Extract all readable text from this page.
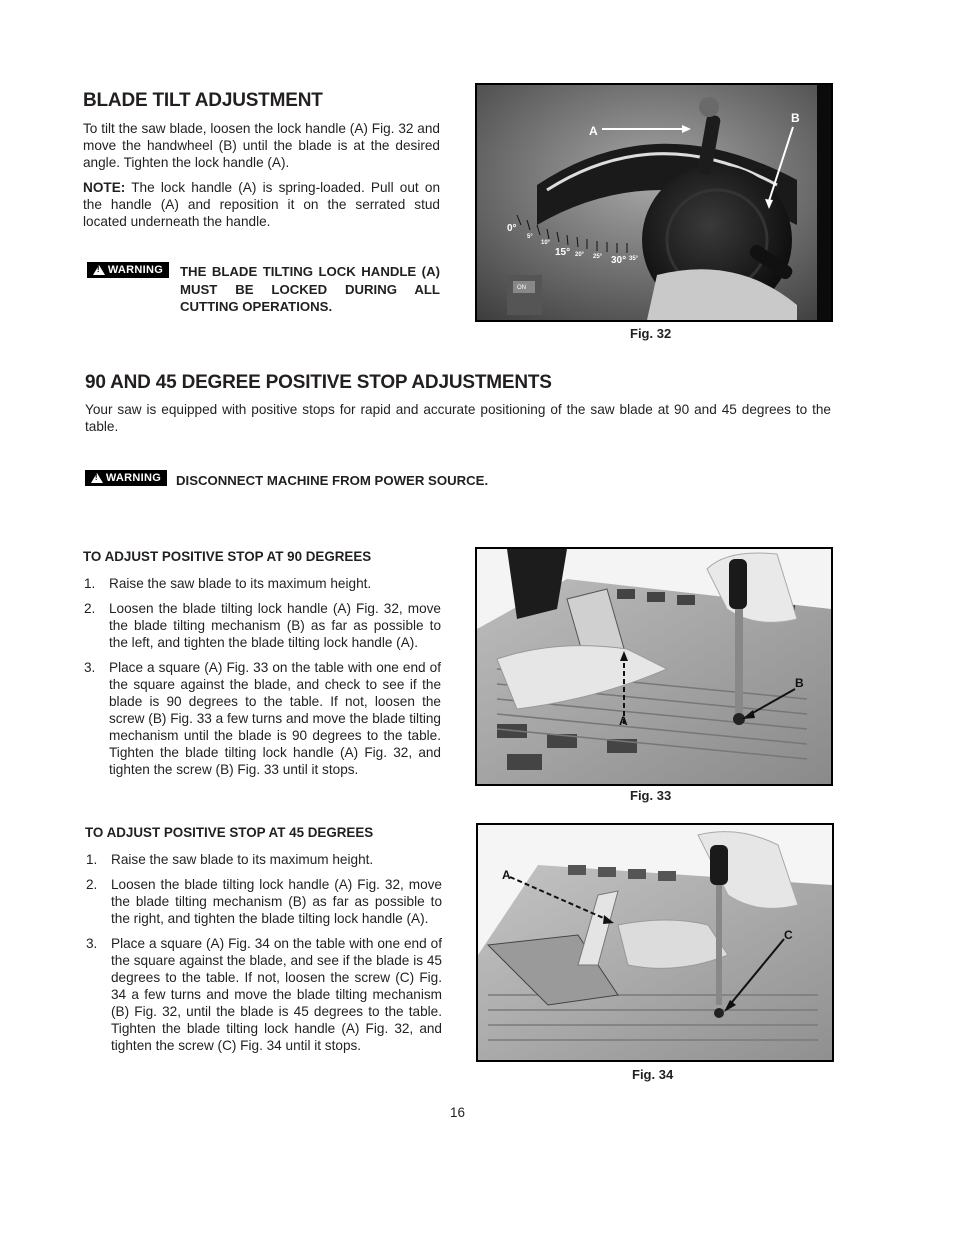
BLADE TILT ADJUSTMENT

To tilt the saw blade, loosen the lock handle (A) Fig. 32 and move the handwheel (B) until the blade is at the desired angle. Tighten the lock handle (A).

NOTE: The lock handle (A) is spring-loaded. Pull out on the handle (A) and reposition it on the serrated stud located underneath the handle.

!
WARNING THE BLADE TILTING LOCK HANDLE (A) MUST BE LOCKED DURING ALL CUTTING OPERATIONS.

A
B
0°
5°
10°
15° 20° 25° 30° 35°
ON
Fig. 32
90 AND 45 DEGREE POSITIVE STOP ADJUSTMENTS

Your saw is equipped with positive stops for rapid and accurate positioning of the saw blade at 90 and 45 degrees to the table.

!
WARNING DISCONNECT MACHINE FROM POWER SOURCE.

TO ADJUST POSITIVE STOP AT 90 DEGREES
1. Raise the saw blade to its maximum height.
2. Loosen the blade tilting lock handle (A) Fig. 32, move the blade tilting mechanism (B) as far as possible to the left, and tighten the blade tilting lock handle (A).
3. Place a square (A) Fig. 33 on the table with one end of the square against the blade, and check to see if the blade is 90 degrees to the table. If not, loosen the screw (B) Fig. 33 a few turns and move the blade tilting mechanism until the blade is 90 degrees to the table. Tighten the blade tilting lock handle (A) Fig. 32, and tighten the screw (B) Fig. 33 until it stops.
A
B
Fig. 33
TO ADJUST POSITIVE STOP AT 45 DEGREES
1. Raise the saw blade to its maximum height.
2. Loosen the blade tilting lock handle (A) Fig. 32, move the blade tilting mechanism (B) as far as possible to the right, and tighten the blade tilting lock handle (A).
3. Place a square (A) Fig. 34 on the table with one end of the square against the blade, and see if the blade is 45 degrees to the table. If not, loosen the screw (C) Fig. 34 a few turns and move the blade tilting mechanism (B) Fig. 32, until the blade is 45 degrees to the table. Tighten the blade tilting lock handle (A) Fig. 32, and tighten the screw (C) Fig. 34 until it stops.
A
C
Fig. 34
16
